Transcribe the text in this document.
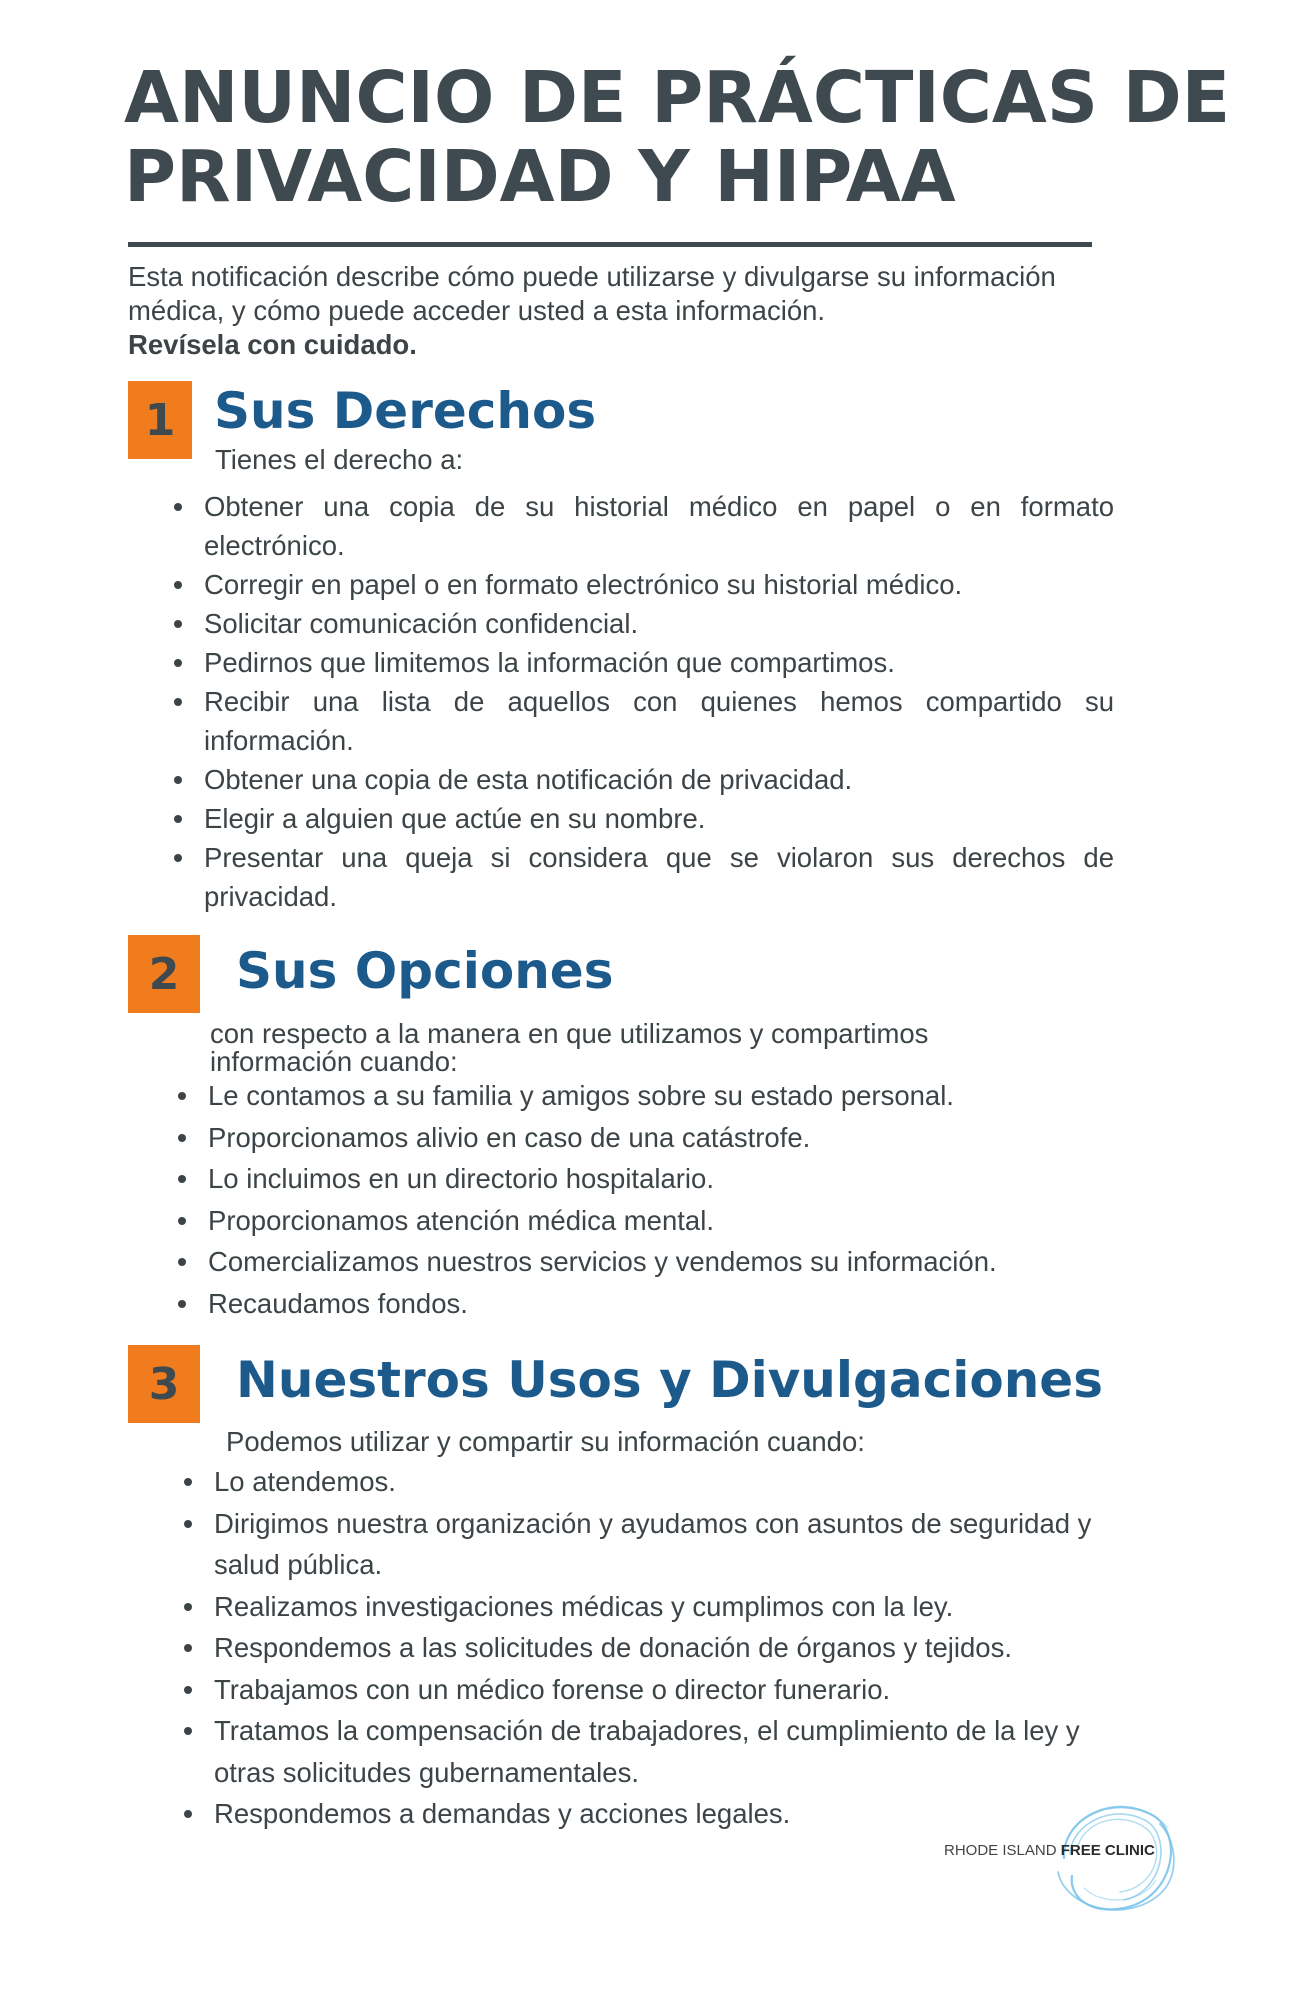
ANUNCIO DE PRÁCTICAS DE
PRIVACIDAD Y HIPAA
Esta notificación describe cómo puede utilizarse y divulgarse su información médica, y cómo puede acceder usted a esta información.
Revísela con cuidado.
1 Sus Derechos
Tienes el derecho a:
Obtener una copia de su historial médico en papel o en formato electrónico.
Corregir en papel o en formato electrónico su historial médico.
Solicitar comunicación confidencial.
Pedirnos que limitemos la información que compartimos.
Recibir una lista de aquellos con quienes hemos compartido su información.
Obtener una copia de esta notificación de privacidad.
Elegir a alguien que actúe en su nombre.
Presentar una queja si considera que se violaron sus derechos de privacidad.
2	Sus Opciones
con respecto a la manera en que utilizamos y compartimos
información cuando:
Le contamos a su familia y amigos sobre su estado personal.
Proporcionamos alivio en caso de una catástrofe.
Lo incluimos en un directorio hospitalario.
Proporcionamos atención médica mental.
Comercializamos nuestros servicios y vendemos su información.
Recaudamos fondos.
3	Nuestros Usos y Divulgaciones
Podemos utilizar y compartir su información cuando:
Lo atendemos.
Dirigimos nuestra organización y ayudamos con asuntos de seguridad y salud pública.
Realizamos investigaciones médicas y cumplimos con la ley.
Respondemos a las solicitudes de donación de órganos y tejidos.
Trabajamos con un médico forense o director funerario.
Tratamos la compensación de trabajadores, el cumplimiento de la ley y otras solicitudes gubernamentales.
Respondemos a demandas y acciones legales.
RHODE ISLAND FREE CLINIC
